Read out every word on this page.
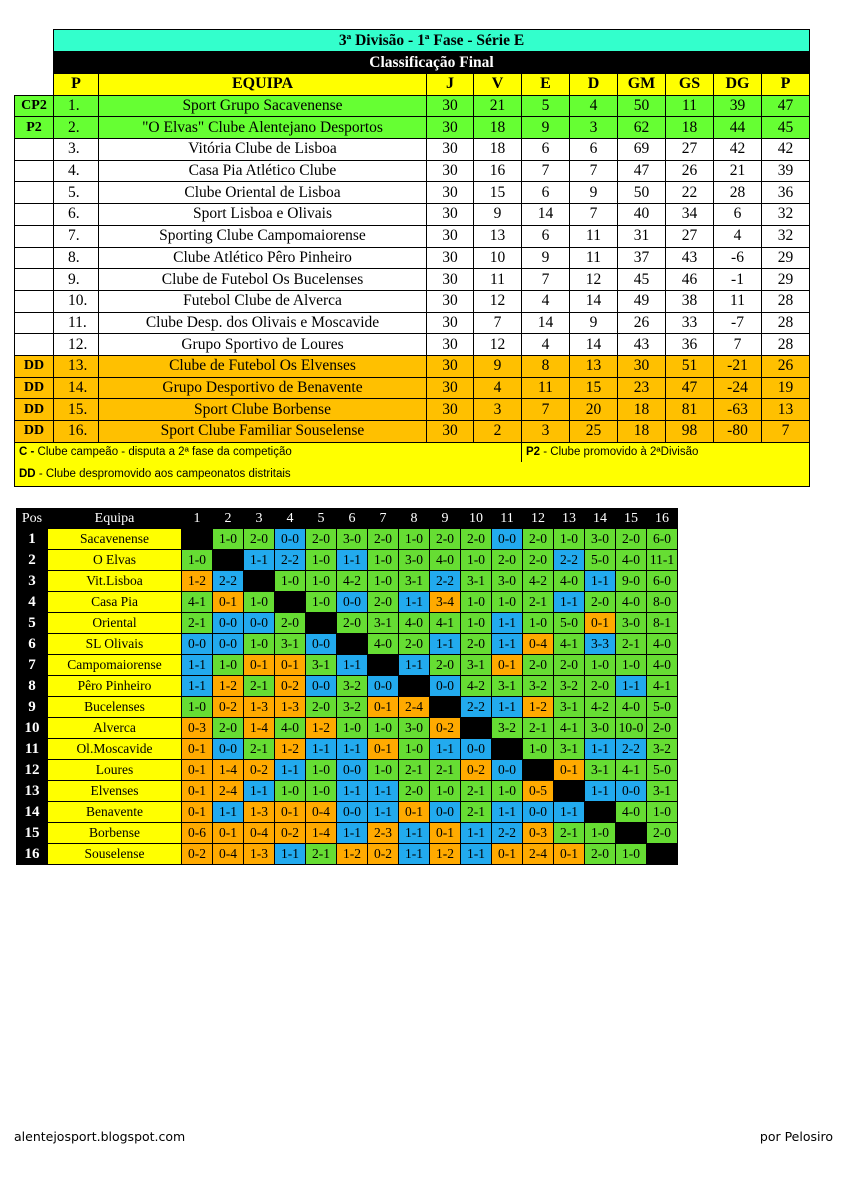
	3ª Divisão - 1ª Fase - Série E									
	Classificação Final									
	P	EQUIPA	J	V	E	D	GM	GS	DG	P
CP2	1.	Sport Grupo Sacavenense	30	21	5	4	50	11	39	47
P2	2.	"O Elvas" Clube Alentejano Desportos	30	18	9	3	62	18	44	45
	3.	Vitória Clube de Lisboa	30	18	6	6	69	27	42	42
	4.	Casa Pia Atlético Clube	30	16	7	7	47	26	21	39
	5.	Clube Oriental de Lisboa	30	15	6	9	50	22	28	36
	6.	Sport Lisboa e Olivais	30	9	14	7	40	34	6	32
	7.	Sporting Clube Campomaiorense	30	13	6	11	31	27	4	32
	8.	Clube Atlético Pêro Pinheiro	30	10	9	11	37	43	-6	29
	9.	Clube de Futebol Os Bucelenses	30	11	7	12	45	46	-1	29
	10.	Futebol Clube de Alverca	30	12	4	14	49	38	11	28
	11.	Clube Desp. dos Olivais e Moscavide	30	7	14	9	26	33	-7	28
	12.	Grupo Sportivo de Loures	30	12	4	14	43	36	7	28
DD	13.	Clube de Futebol Os Elvenses	30	9	8	13	30	51	-21	26
DD	14.	Grupo Desportivo de Benavente	30	4	11	15	23	47	-24	19
DD	15.	Sport Clube Borbense	30	3	7	20	18	81	-63	13
DD	16.	Sport Clube Familiar Souselense	30	2	3	25	18	98	-80	7
C - Clube campeão - disputa a 2ª fase da competição					P2 - Clube promovido à 2ªDivisão					
DD - Clube despromovido aos campeonatos distritais										
Pos	Equipa	1	2	3	4	5	6	7	8	9	10	11	12	13	14	15	16
1	Sacavenense		1-0	2-0	0-0	2-0	3-0	2-0	1-0	2-0	2-0	0-0	2-0	1-0	3-0	2-0	6-0
2	O Elvas	1-0		1-1	2-2	1-0	1-1	1-0	3-0	4-0	1-0	2-0	2-0	2-2	5-0	4-0	11-1
3	Vit.Lisboa	1-2	2-2		1-0	1-0	4-2	1-0	3-1	2-2	3-1	3-0	4-2	4-0	1-1	9-0	6-0
4	Casa Pia	4-1	0-1	1-0		1-0	0-0	2-0	1-1	3-4	1-0	1-0	2-1	1-1	2-0	4-0	8-0
5	Oriental	2-1	0-0	0-0	2-0		2-0	3-1	4-0	4-1	1-0	1-1	1-0	5-0	0-1	3-0	8-1
6	SL Olivais	0-0	0-0	1-0	3-1	0-0		4-0	2-0	1-1	2-0	1-1	0-4	4-1	3-3	2-1	4-0
7	Campomaiorense	1-1	1-0	0-1	0-1	3-1	1-1		1-1	2-0	3-1	0-1	2-0	2-0	1-0	1-0	4-0
8	Pêro Pinheiro	1-1	1-2	2-1	0-2	0-0	3-2	0-0		0-0	4-2	3-1	3-2	3-2	2-0	1-1	4-1
9	Bucelenses	1-0	0-2	1-3	1-3	2-0	3-2	0-1	2-4		2-2	1-1	1-2	3-1	4-2	4-0	5-0
10	Alverca	0-3	2-0	1-4	4-0	1-2	1-0	1-0	3-0	0-2		3-2	2-1	4-1	3-0	10-0	2-0
11	Ol.Moscavide	0-1	0-0	2-1	1-2	1-1	1-1	0-1	1-0	1-1	0-0		1-0	3-1	1-1	2-2	3-2
12	Loures	0-1	1-4	0-2	1-1	1-0	0-0	1-0	2-1	2-1	0-2	0-0		0-1	3-1	4-1	5-0
13	Elvenses	0-1	2-4	1-1	1-0	1-0	1-1	1-1	2-0	1-0	2-1	1-0	0-5		1-1	0-0	3-1
14	Benavente	0-1	1-1	1-3	0-1	0-4	0-0	1-1	0-1	0-0	2-1	1-1	0-0	1-1		4-0	1-0
15	Borbense	0-6	0-1	0-4	0-2	1-4	1-1	2-3	1-1	0-1	1-1	2-2	0-3	2-1	1-0		2-0
16	Souselense	0-2	0-4	1-3	1-1	2-1	1-2	0-2	1-1	1-2	1-1	0-1	2-4	0-1	2-0	1-0	
alentejosport.blogspot.com	por Pelosiro
